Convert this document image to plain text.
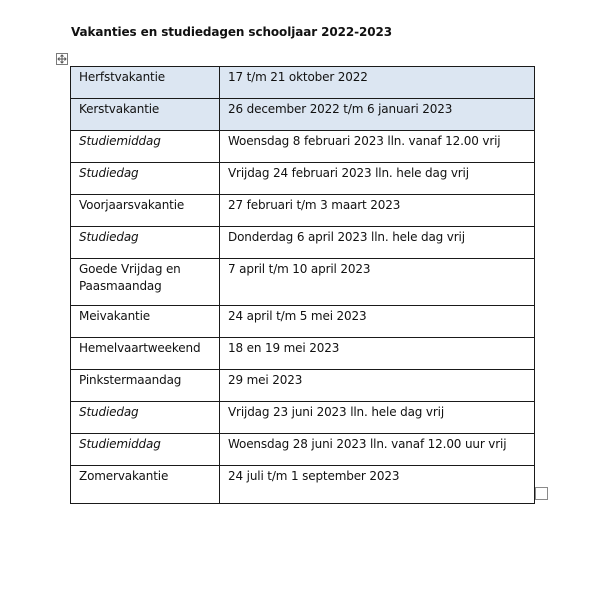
Vakanties en studiedagen schooljaar 2022-2023
Herfstvakantie	17 t/m 21 oktober 2022
Kerstvakantie	26 december 2022 t/m 6 januari 2023
Studiemiddag	Woensdag 8 februari 2023 lln. vanaf 12.00 vrij
Studiedag	Vrijdag 24 februari 2023 lln. hele dag vrij
Voorjaarsvakantie	27 februari t/m 3 maart 2023
Studiedag	Donderdag 6 april 2023 lln. hele dag vrij
Goede Vrijdag en Paasmaandag	7 april t/m 10 april 2023
Meivakantie	24 april t/m 5 mei 2023
Hemelvaartweekend	18 en 19 mei 2023
Pinkstermaandag	29 mei 2023
Studiedag	Vrijdag 23 juni 2023 lln. hele dag vrij
Studiemiddag	Woensdag 28 juni 2023 lln. vanaf 12.00 uur vrij
Zomervakantie	24 juli t/m 1 september 2023
